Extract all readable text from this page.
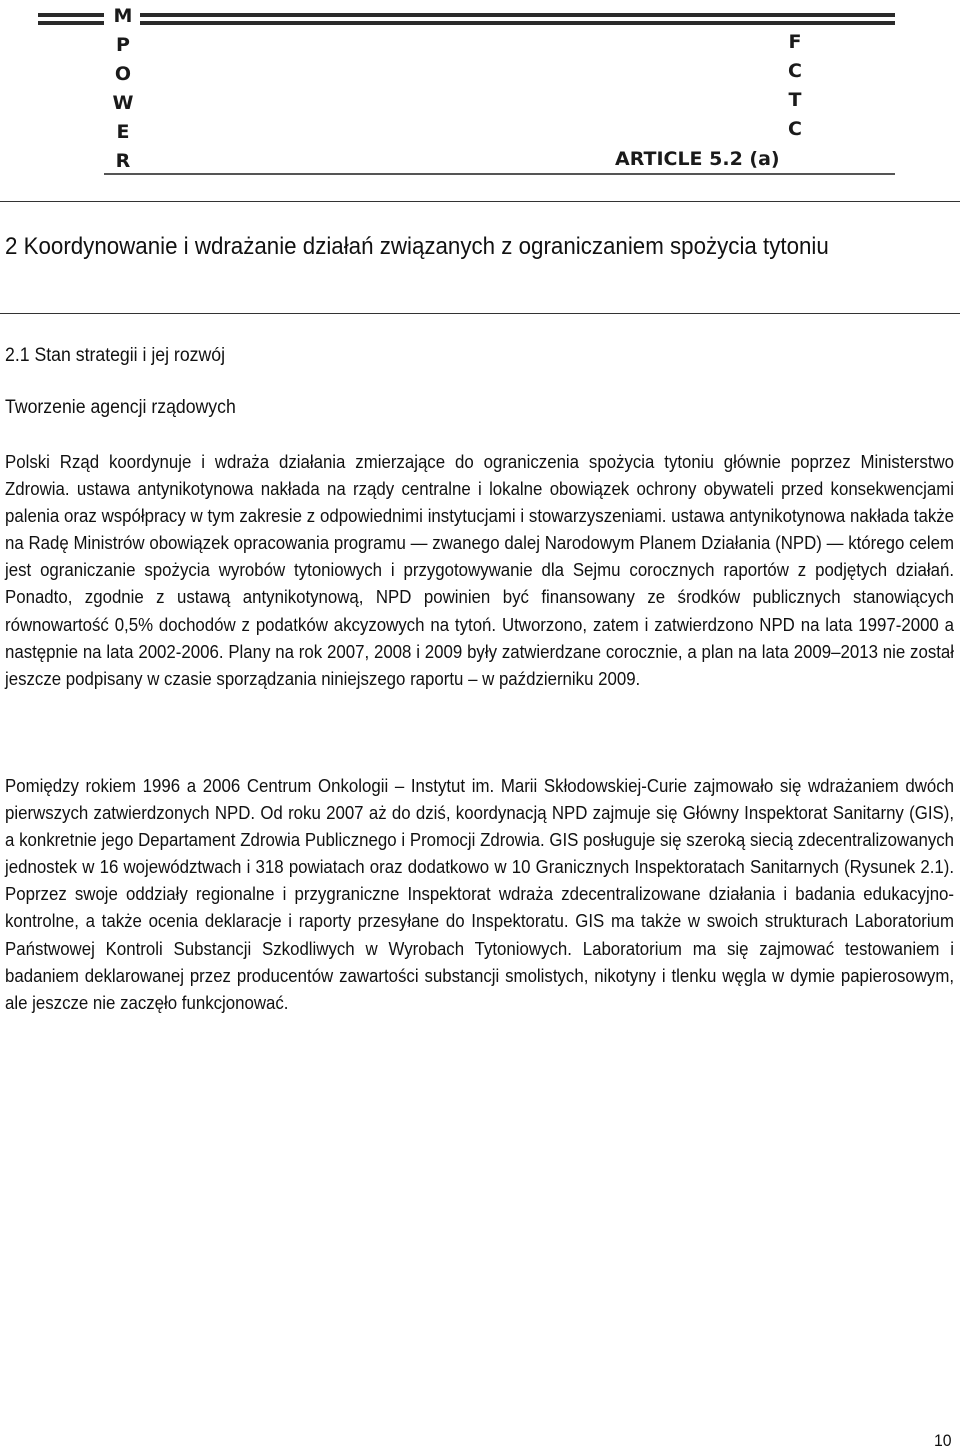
M
P
O
W
E
R
F
C
T
C
ARTICLE 5.2 (a)
2 Koordynowanie i wdrażanie działań związanych z ograniczaniem spożycia tytoniu
2.1 Stan strategii i jej rozwój
Tworzenie agencji rządowych

Polski Rząd koordynuje i wdraża działania zmierzające do ograniczenia spożycia tytoniu głównie poprzez Ministerstwo Zdrowia. ustawa antynikotynowa nakłada na rządy centralne i lokalne obowiązek ochrony obywateli przed konsekwencjami palenia oraz współpracy w tym zakresie z odpowiednimi instytucjami i stowarzyszeniami. ustawa antynikotynowa nakłada także na Radę Ministrów obowiązek opracowania programu — zwanego dalej Narodowym Planem Działania (NPD) — którego celem jest ograniczanie spożycia wyrobów tytoniowych i przygotowywanie dla Sejmu corocznych raportów z podjętych działań. Ponadto, zgodnie z ustawą antynikotynową, NPD powinien być finansowany ze środków publicznych stanowiących równowartość 0,5% dochodów z podatków akcyzowych na tytoń. Utworzono, zatem i zatwierdzono NPD na lata 1997-2000 a następnie na lata 2002-2006. Plany na rok 2007, 2008 i 2009 były zatwierdzane corocznie, a plan na lata 2009–2013 nie został jeszcze podpisany w czasie sporządzania niniejszego raportu – w październiku 2009.

Pomiędzy rokiem 1996 a 2006 Centrum Onkologii – Instytut im. Marii Skłodowskiej-Curie zajmowało się wdrażaniem dwóch pierwszych zatwierdzonych NPD. Od roku 2007 aż do dziś, koordynacją NPD zajmuje się Główny Inspektorat Sanitarny (GIS), a konkretnie jego Departament Zdrowia Publicznego i Promocji Zdrowia. GIS posługuje się szeroką siecią zdecentralizowanych jednostek w 16 województwach i 318 powiatach oraz dodatkowo w 10 Granicznych Inspektoratach Sanitarnych (Rysunek 2.1). Poprzez swoje oddziały regionalne i przygraniczne Inspektorat wdraża zdecentralizowane działania i badania edukacyjno-kontrolne, a także ocenia deklaracje i raporty przesyłane do Inspektoratu. GIS ma także w swoich strukturach Laboratorium Państwowej Kontroli Substancji Szkodliwych w Wyrobach Tytoniowych. Laboratorium ma się zajmować testowaniem i badaniem deklarowanej przez producentów zawartości substancji smolistych, nikotyny i tlenku węgla w dymie papierosowym, ale jeszcze nie zaczęło funkcjonować.

10
